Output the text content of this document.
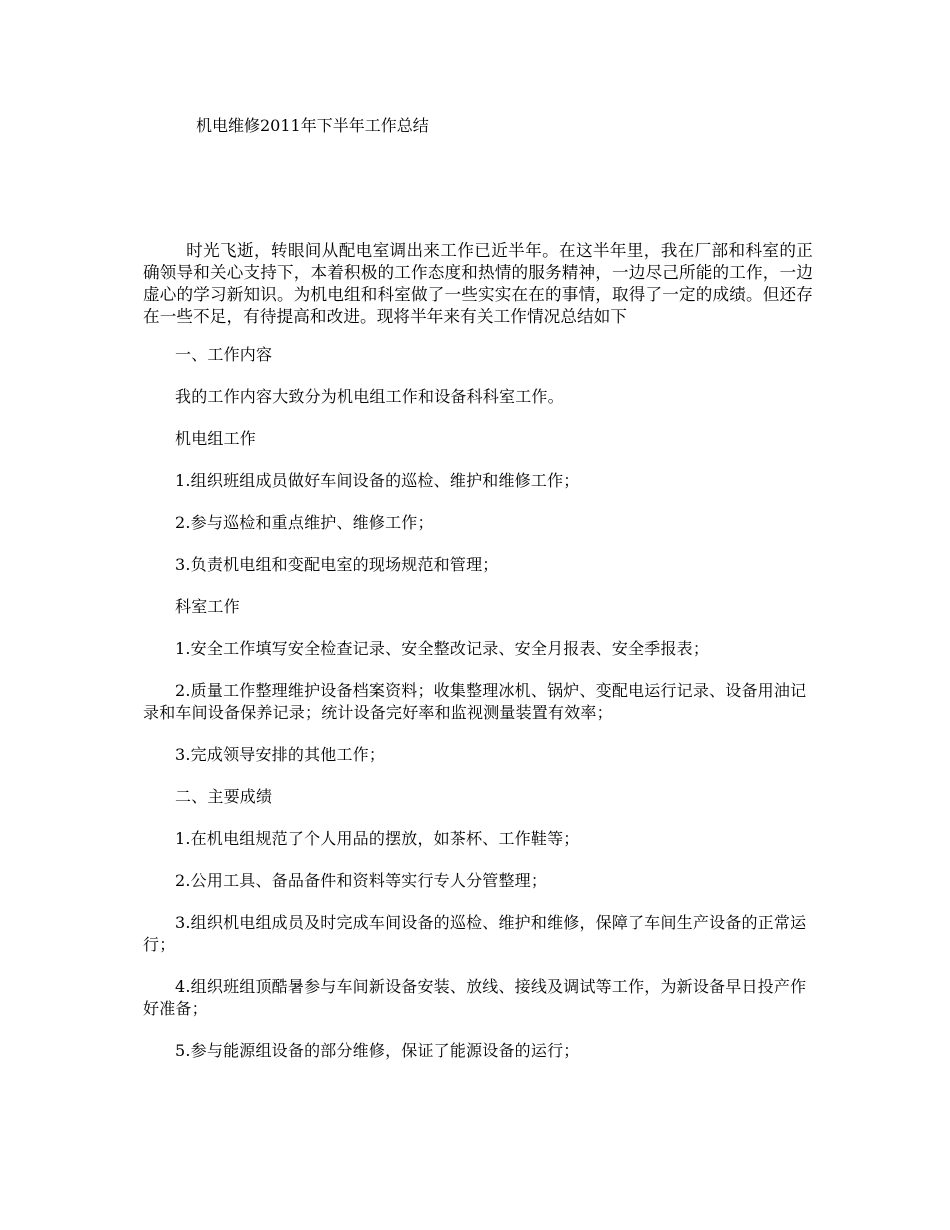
机电维修2011年下半年工作总结

时光飞逝，转眼间从配电室调出来工作已近半年。在这半年里，我在厂部和科室的正确领导和关心支持下，本着积极的工作态度和热情的服务精神，一边尽己所能的工作，一边虚心的学习新知识。为机电组和科室做了一些实实在在的事情，取得了一定的成绩。但还存在一些不足，有待提高和改进。现将半年来有关工作情况总结如下

一、工作内容

我的工作内容大致分为机电组工作和设备科科室工作。

机电组工作

1.组织班组成员做好车间设备的巡检、维护和维修工作；

2.参与巡检和重点维护、维修工作；

3.负责机电组和变配电室的现场规范和管理；

科室工作

1.安全工作填写安全检查记录、安全整改记录、安全月报表、安全季报表；

2.质量工作整理维护设备档案资料；收集整理冰机、锅炉、变配电运行记录、设备用油记录和车间设备保养记录；统计设备完好率和监视测量装置有效率；

3.完成领导安排的其他工作；

二、主要成绩

1.在机电组规范了个人用品的摆放，如茶杯、工作鞋等；

2.公用工具、备品备件和资料等实行专人分管整理；

3.组织机电组成员及时完成车间设备的巡检、维护和维修，保障了车间生产设备的正常运行；

4.组织班组顶酷暑参与车间新设备安装、放线、接线及调试等工作，为新设备早日投产作好准备；

5.参与能源组设备的部分维修，保证了能源设备的运行；
